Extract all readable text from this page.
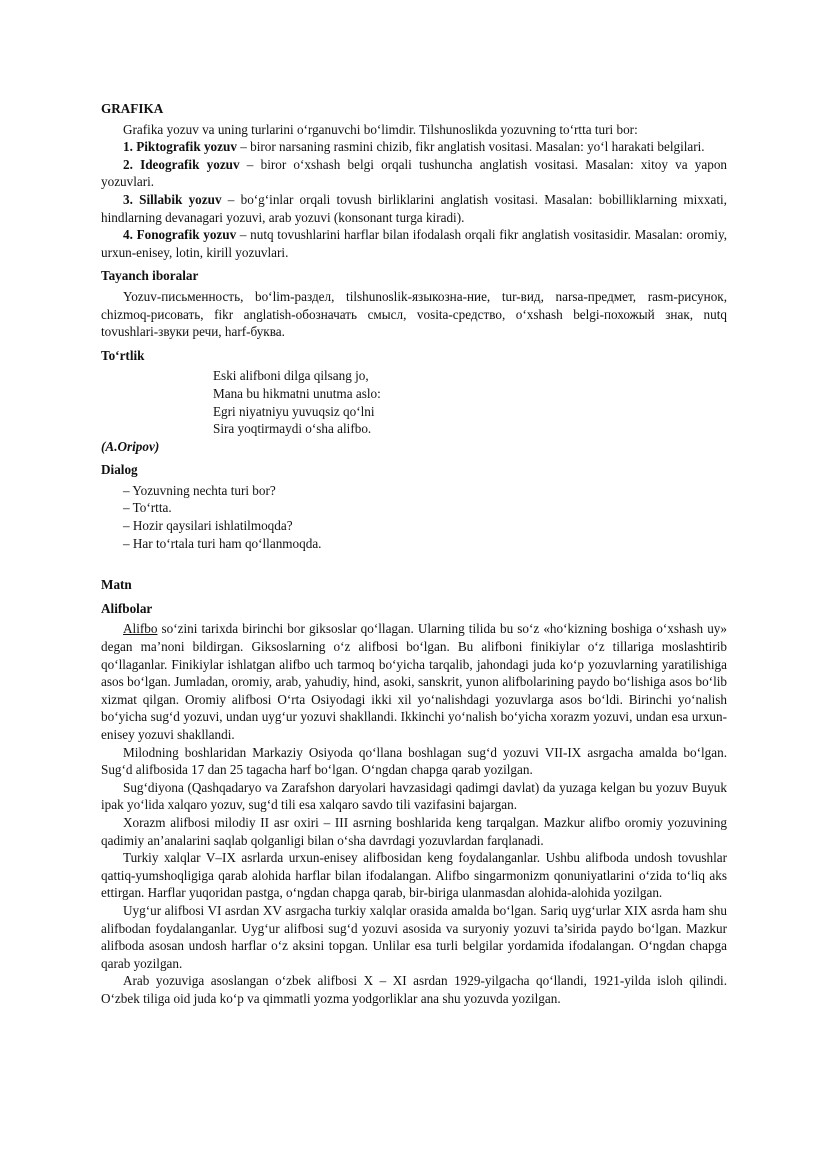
GRAFIKA

Grafika yozuv va uning turlarini o‘rganuvchi bo‘limdir. Tilshunoslikda yozuvning to‘rtta turi bor:

1. Piktografik yozuv – biror narsaning rasmini chizib, fikr anglatish vositasi. Masalan: yo‘l harakati belgilari.

2. Ideografik yozuv – biror o‘xshash belgi orqali tushuncha anglatish vositasi. Masalan: xitoy va yapon yozuvlari.

3. Sillabik yozuv – bo‘g‘inlar orqali tovush birliklarini anglatish vositasi. Masalan: bobilliklarning mixxati, hindlarning devanagari yozuvi, arab yozuvi (konsonant turga kiradi).

4. Fonografik yozuv – nutq tovushlarini harflar bilan ifodalash orqali fikr anglatish vositasidir. Masalan: oromiy, urxun-enisey, lotin, kirill yozuvlari.

Tayanch iboralar

Yozuv-письменность, bo‘lim-раздел, tilshunoslik-языкозна-ние, tur-вид, narsa-предмет, rasm-рисунок, chizmoq-рисовать, fikr anglatish-обозначать смысл, vosita-средство, o‘xshash belgi-похожый знак, nutq tovushlari-звуки речи, harf-буква.

To‘rtlik

Eski alifboni dilga qilsang jo,
Mana bu hikmatni unutma aslo:
Egri niyatniyu yuvuqsiz qo‘lni
Sira yoqtirmaydi o‘sha alifbo.

(A.Oripov)

Dialog

– Yozuvning nechta turi bor?
– To‘rtta.
– Hozir qaysilari ishlatilmoqda?
– Har to‘rtala turi ham qo‘llanmoqda.

Matn

Alifbolar

Alifbo so‘zini tarixda birinchi bor giksoslar qo‘llagan. Ularning tilida bu so‘z «ho‘kizning boshiga o‘xshash uy» degan ma’noni bildirgan. Giksoslarning o‘z alifbosi bo‘lgan. Bu alifboni finikiylar o‘z tillariga moslashtirib qo‘llaganlar. Finikiylar ishlatgan alifbo uch tarmoq bo‘yicha tarqalib, jahondagi juda ko‘p yozuvlarning yaratilishiga asos bo‘lgan. Jumladan, oromiy, arab, yahudiy, hind, asoki, sanskrit, yunon alifbolarining paydo bo‘lishiga asos bo‘lib xizmat qilgan. Oromiy alifbosi O‘rta Osiyodagi ikki xil yo‘nalishdagi yozuvlarga asos bo‘ldi. Birinchi yo‘nalish bo‘yicha sug‘d yozuvi, undan uyg‘ur yozuvi shakllandi. Ikkinchi yo‘nalish bo‘yicha xorazm yozuvi, undan esa urxun-enisey yozuvi shakllandi.

Milodning boshlaridan Markaziy Osiyoda qo‘llana boshlagan sug‘d yozuvi VII-IX asrgacha amalda bo‘lgan. Sug‘d alifbosida 17 dan 25 tagacha harf bo‘lgan. O‘ngdan chapga qarab yozilgan.

Sug‘diyona (Qashqadaryo va Zarafshon daryolari havzasidagi qadimgi davlat) da yuzaga kelgan bu yozuv Buyuk ipak yo‘lida xalqaro yozuv, sug‘d tili esa xalqaro savdo tili vazifasini bajargan.

Xorazm alifbosi milodiy II asr oxiri – III asrning boshlarida keng tarqalgan. Mazkur alifbo oromiy yozuvining qadimiy an’analarini saqlab qolganligi bilan o‘sha davrdagi yozuvlardan farqlanadi.

Turkiy xalqlar V–IX asrlarda urxun-enisey alifbosidan keng foydalanganlar. Ushbu alifboda undosh tovushlar qattiq-yumshoqligiga qarab alohida harflar bilan ifodalangan. Alifbo singarmonizm qonuniyatlarini o‘zida to‘liq aks ettirgan. Harflar yuqoridan pastga, o‘ngdan chapga qarab, bir-biriga ulanmasdan alohida-alohida yozilgan.

Uyg‘ur alifbosi VI asrdan XV asrgacha turkiy xalqlar orasida amalda bo‘lgan. Sariq uyg‘urlar XIX asrda ham shu alifbodan foydalanganlar. Uyg‘ur alifbosi sug‘d yozuvi asosida va suryoniy yozuvi ta’sirida paydo bo‘lgan. Mazkur alifboda asosan undosh harflar o‘z aksini topgan. Unlilar esa turli belgilar yordamida ifodalangan. O‘ngdan chapga qarab yozilgan.

Arab yozuviga asoslangan o‘zbek alifbosi X – XI asrdan 1929-yilgacha qo‘llandi, 1921-yilda isloh qilindi. O‘zbek tiliga oid juda ko‘p va qimmatli yozma yodgorliklar ana shu yozuvda yozilgan.
